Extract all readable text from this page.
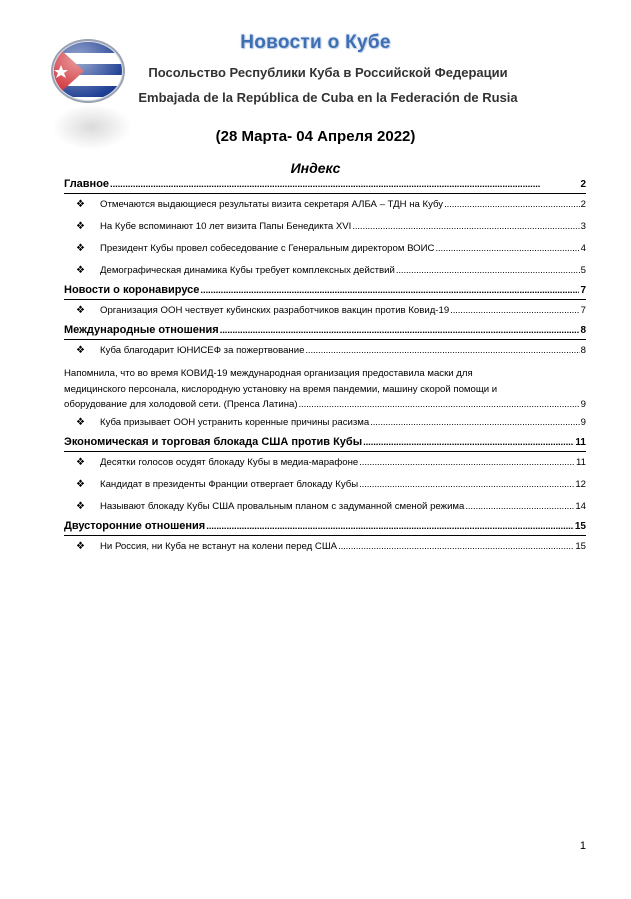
Новости о Кубе
Посольство Республики Куба в Российской Федерации
Embajada de la República de Cuba en la Federación de Rusia
(28 Марта- 04 Апреля 2022)
Индекс
Главное . . .	2
❖	Отмечаются выдающиеся результаты визита секретаря АЛБА – ТДН на Кубу . . .	2
❖	На Кубе вспоминают 10 лет визита Папы Бенедикта XVI . . .	3
❖	Президент Кубы провел собеседование с Генеральным директором ВОИС . . .	4
❖	Демографическая динамика Кубы требует комплексных действий . . .	5
Новости о коронавирусе . . .	7
❖	Организация ООН чествует кубинских разработчиков вакцин против Ковид-19 . . .	7
Международные отношения . . .	8
❖	Куба благодарит ЮНИСЕФ за пожертвование . . .	8
Напомнила, что во время КОВИД-19 международная организация предоставила маски для
медицинского персонала, кислородную установку на время пандемии, машину скорой помощи и
оборудование для холодовой сети. (Пренса Латина) . . .	9
❖	Куба призывает ООН устранить коренные причины расизма . . .	9
Экономическая и торговая блокада США против Кубы . . .	11
❖	Десятки голосов осудят блокаду Кубы в медиа-марафоне . . .	11
❖	Кандидат в президенты Франции отвергает блокаду Кубы . . .	12
❖	Называют блокаду Кубы США провальным планом с задуманной сменой режима . . .	14
Двусторонние отношения . . .	15
❖	Ни Россия, ни Куба не встанут на колени перед США . . .	15
1
